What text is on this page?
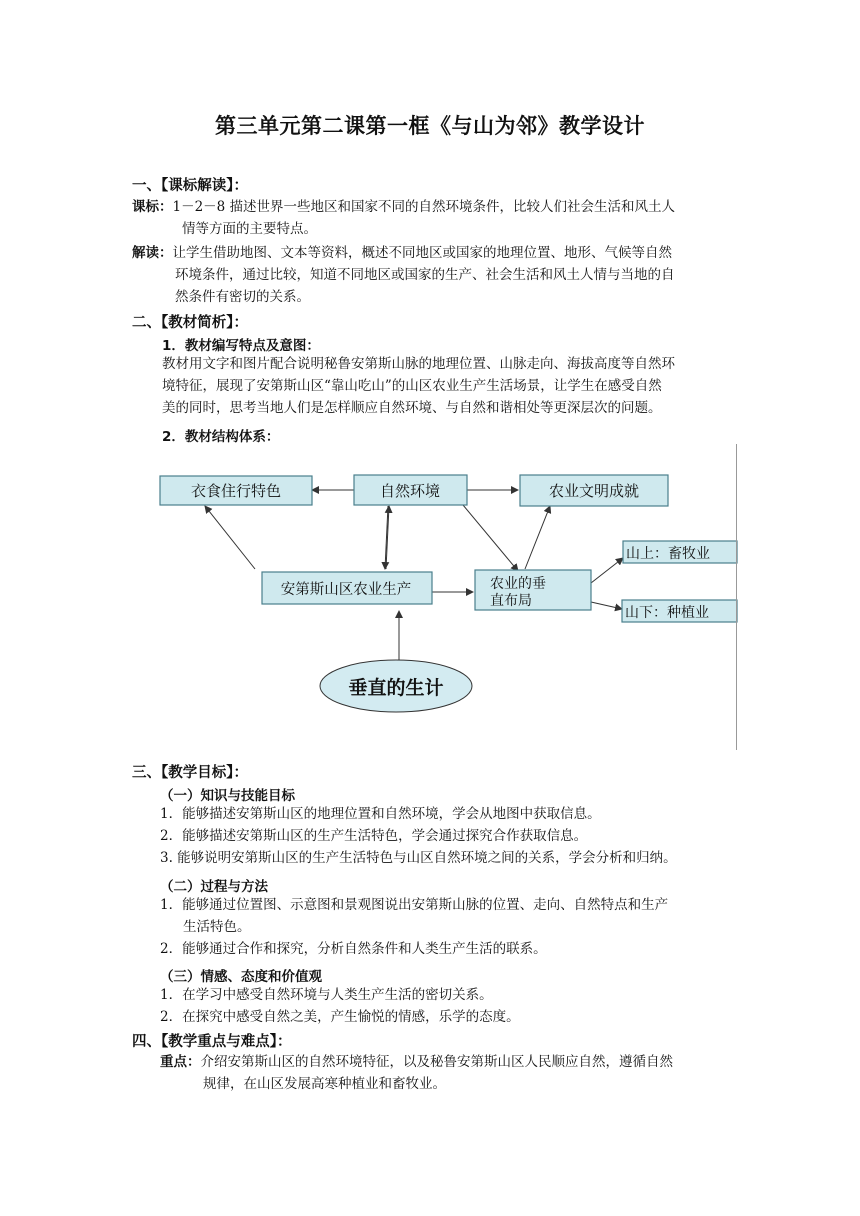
第三单元第二课第一框《与山为邻》教学设计
一、【课标解读】：
课标：1－2－8 描述世界一些地区和国家不同的自然环境条件，比较人们社会生活和风土人
情等方面的主要特点。
解读：让学生借助地图、文本等资料，概述不同地区或国家的地理位置、地形、气候等自然
环境条件，通过比较，知道不同地区或国家的生产、社会生活和风土人情与当地的自
然条件有密切的关系。
二、【教材简析】：
1．教材编写特点及意图：
教材用文字和图片配合说明秘鲁安第斯山脉的地理位置、山脉走向、海拔高度等自然环
境特征，展现了安第斯山区“靠山吃山”的山区农业生产生活场景，让学生在感受自然
美的同时，思考当地人们是怎样顺应自然环境、与自然和谐相处等更深层次的问题。
2．教材结构体系：
衣食住行特色	自然环境	农业文明成就
安第斯山区农业生产	农业的垂
直布局
山上：畜牧业
山下：种植业
垂直的生计
三、【教学目标】：
（一）知识与技能目标
1．能够描述安第斯山区的地理位置和自然环境，学会从地图中获取信息。
2．能够描述安第斯山区的生产生活特色，学会通过探究合作获取信息。
3. 能够说明安第斯山区的生产生活特色与山区自然环境之间的关系，学会分析和归纳。
（二）过程与方法
1．能够通过位置图、示意图和景观图说出安第斯山脉的位置、走向、自然特点和生产
生活特色。
2．能够通过合作和探究，分析自然条件和人类生产生活的联系。
（三）情感、态度和价值观
1．在学习中感受自然环境与人类生产生活的密切关系。
2．在探究中感受自然之美，产生愉悦的情感，乐学的态度。
四、【教学重点与难点】：
重点：介绍安第斯山区的自然环境特征，以及秘鲁安第斯山区人民顺应自然，遵循自然
规律，在山区发展高寒种植业和畜牧业。
